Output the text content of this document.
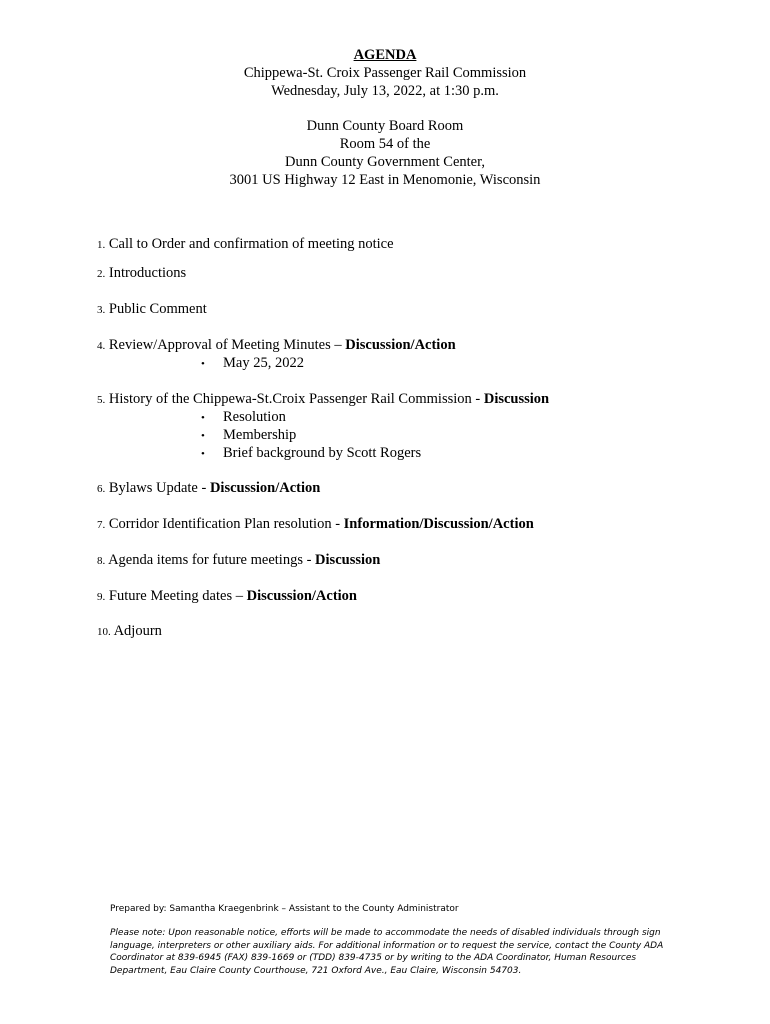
AGENDA
Chippewa-St. Croix Passenger Rail Commission
Wednesday, July 13, 2022, at 1:30 p.m.
Dunn County Board Room
Room 54 of the
Dunn County Government Center,
3001 US Highway 12 East in Menomonie, Wisconsin
1. Call to Order and confirmation of meeting notice
2. Introductions
3. Public Comment
4. Review/Approval of Meeting Minutes – Discussion/Action
• May 25, 2022
5. History of the Chippewa-St.Croix Passenger Rail Commission - Discussion
• Resolution
• Membership
• Brief background by Scott Rogers
6. Bylaws Update - Discussion/Action
7. Corridor Identification Plan resolution - Information/Discussion/Action
8. Agenda items for future meetings - Discussion
9. Future Meeting dates – Discussion/Action
10. Adjourn
Prepared by: Samantha Kraegenbrink – Assistant to the County Administrator
Please note: Upon reasonable notice, efforts will be made to accommodate the needs of disabled individuals through sign
language, interpreters or other auxiliary aids. For additional information or to request the service, contact the County ADA
Coordinator at 839-6945 (FAX) 839-1669 or (TDD) 839-4735 or by writing to the ADA Coordinator, Human Resources
Department, Eau Claire County Courthouse, 721 Oxford Ave., Eau Claire, Wisconsin 54703.
